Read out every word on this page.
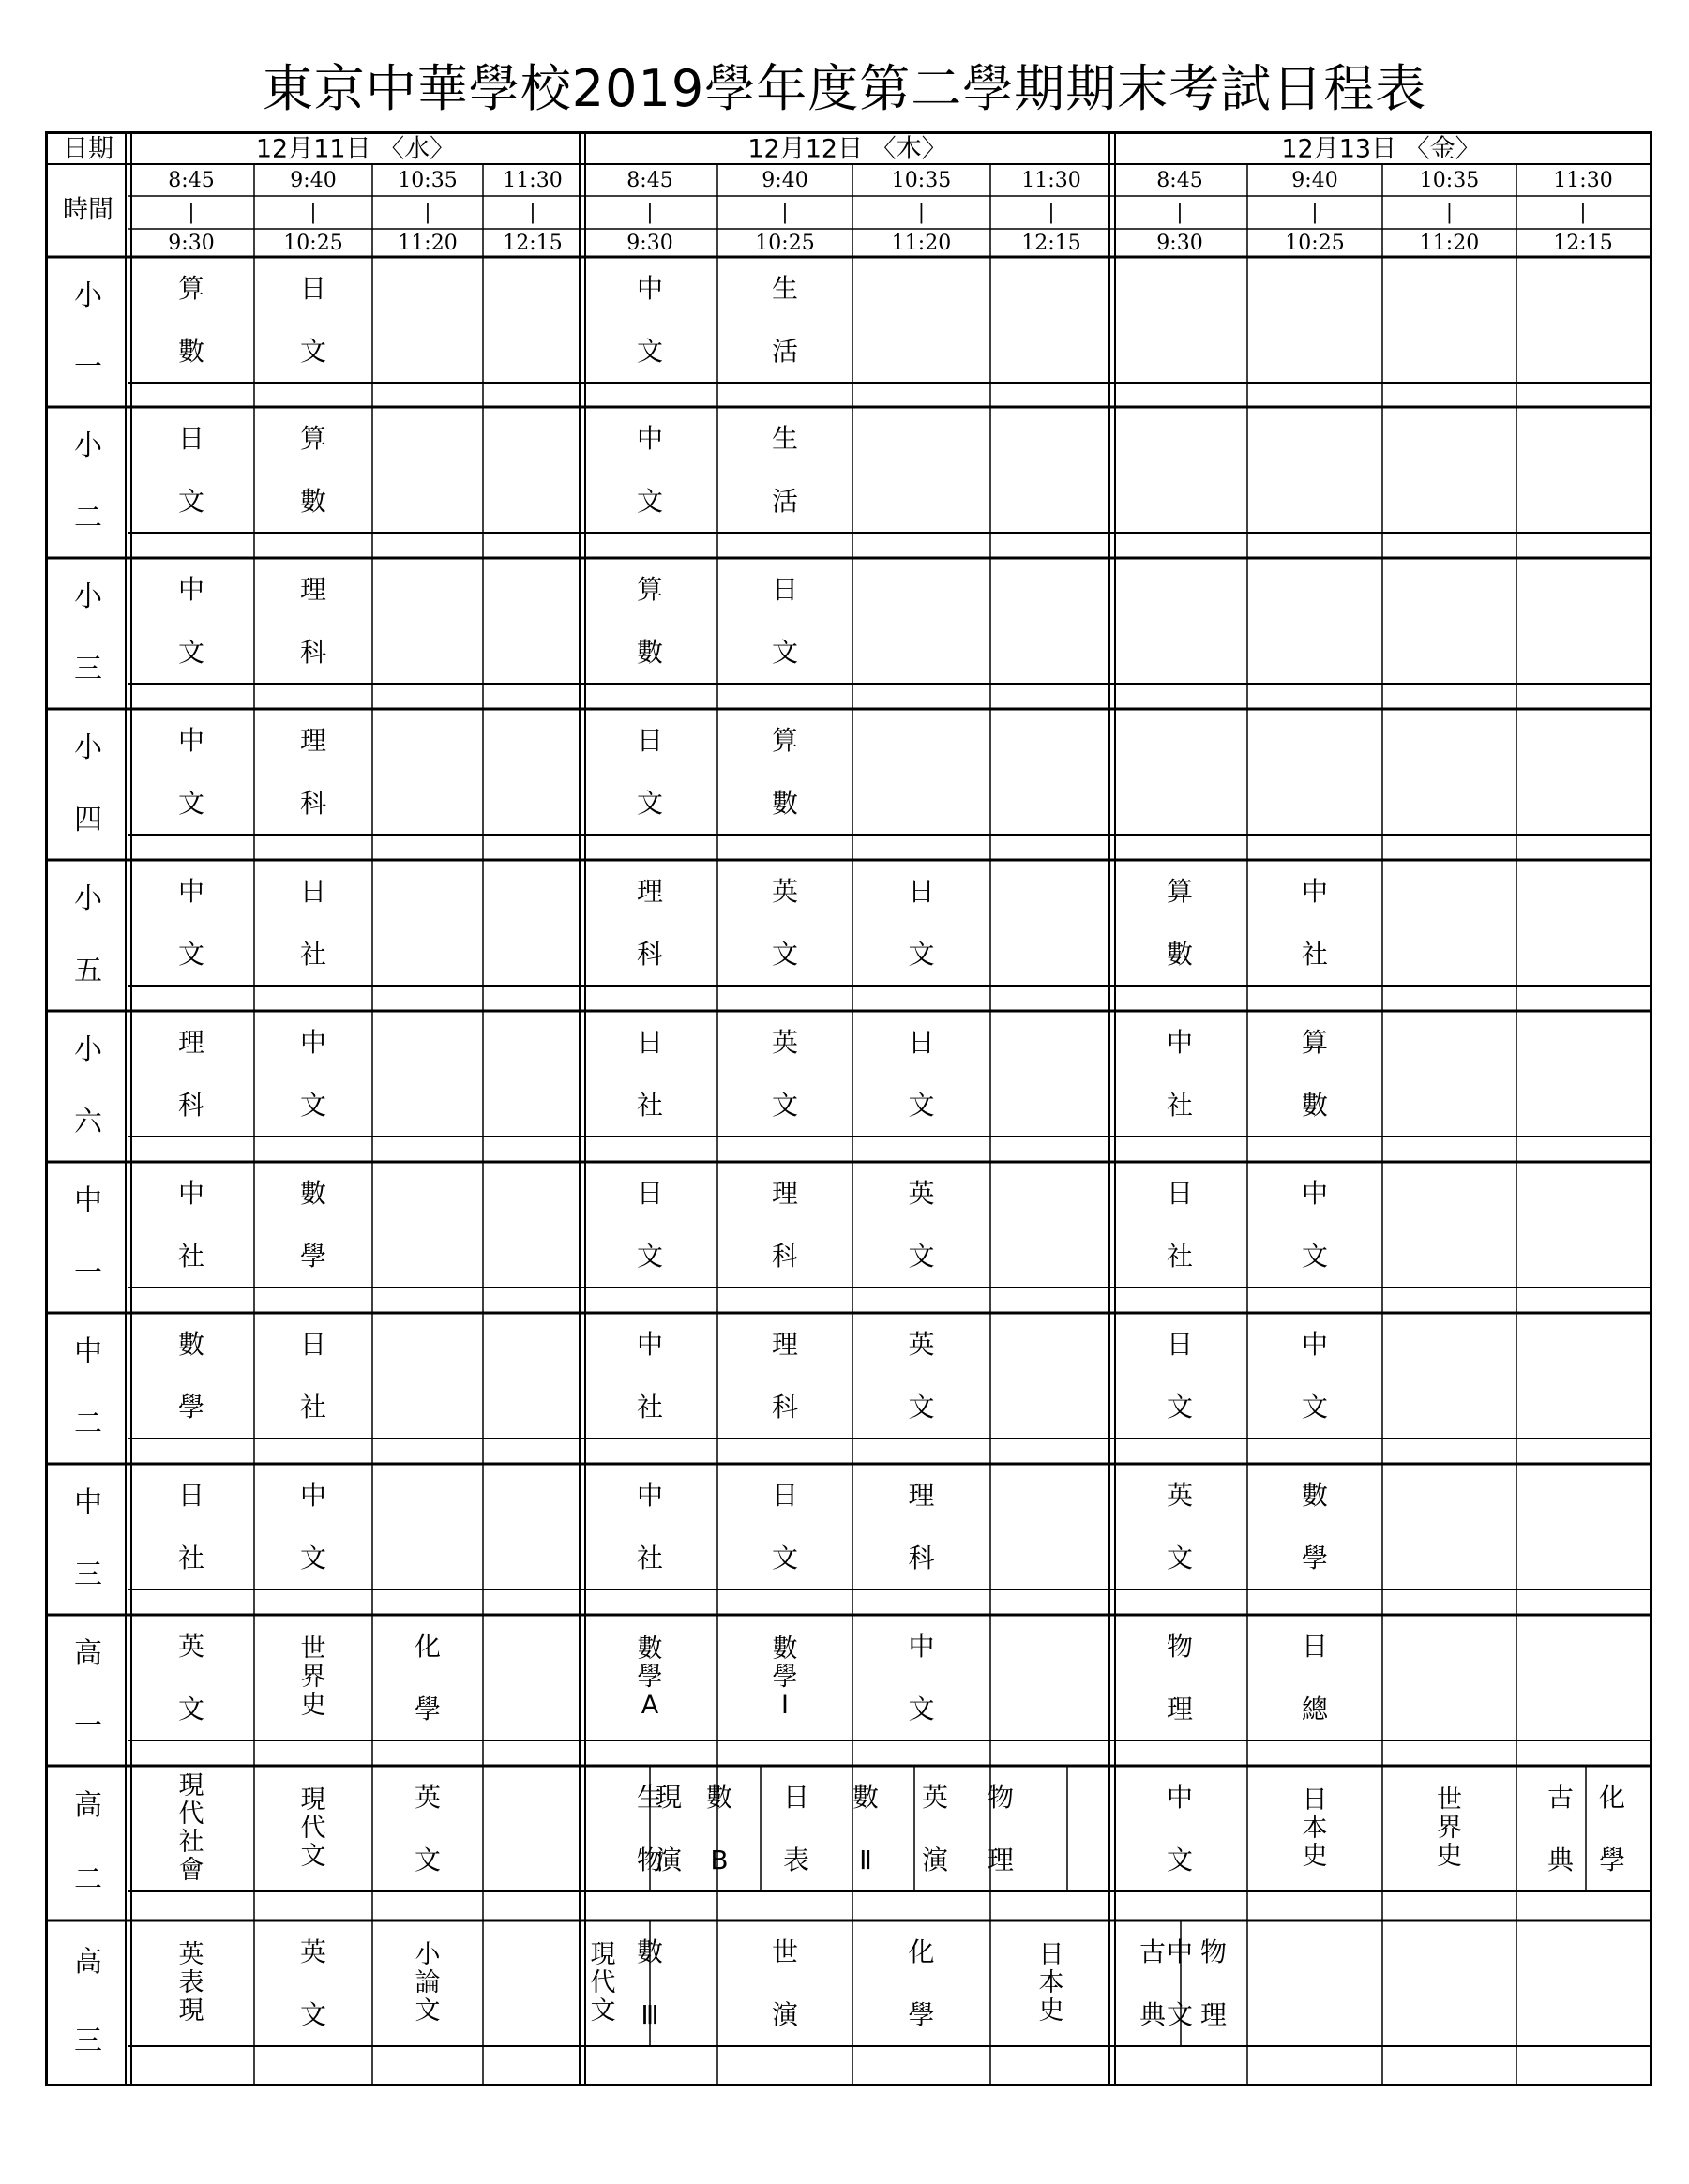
東京中華學校2019學年度第二學期期末考試日程表
日期
時間
12月11日 〈水〉	12月12日 〈木〉	12月13日 〈金〉
8:45
|
9:30
9:40
|
10:25
10:35
|
11:20
11:30
|
12:15
8:45
|
9:30
9:40
|
10:25
10:35
|
11:20
11:30
|
12:15
8:45
|
9:30
9:40
|
10:25
10:35
|
11:20
11:30
|
12:15
小
一
小
二
小
三
小
四
小
五
小
六
中
一
中
二
中
三
高
一
高
二
高
三
算
數
日
文
中
文
生
活
日
文
算
數
中
文
生
活
中
文
理
科
算
數
日
文
中
文
理
科
日
文
算
數
中
文
日
社
理
科
英
文
日
文
算
數
中
社
理
科
中
文
日
社
英
文
日
文
中
社
算
數
中
社
數
學
日
文
理
科
英
文
日
社
中
文
數
學
日
社
中
社
理
科
英
文
日
文
中
文
日
社
中
文
中
社
日
文
理
科
英
文
數
學
英
文
世界史
化
學
數學A
數學Ⅰ
中
文
物
理
日
總
現代社會
現代文
英
文
生
物
現
演
數
B
日
表
數
Ⅱ
英
演
物
理
中
文
日本史
世界史
古
典
化
學
英表現
英
文
小論文
現代文
數
Ⅲ
世
演
化
學
日本史
中
文
古
典
物
理
